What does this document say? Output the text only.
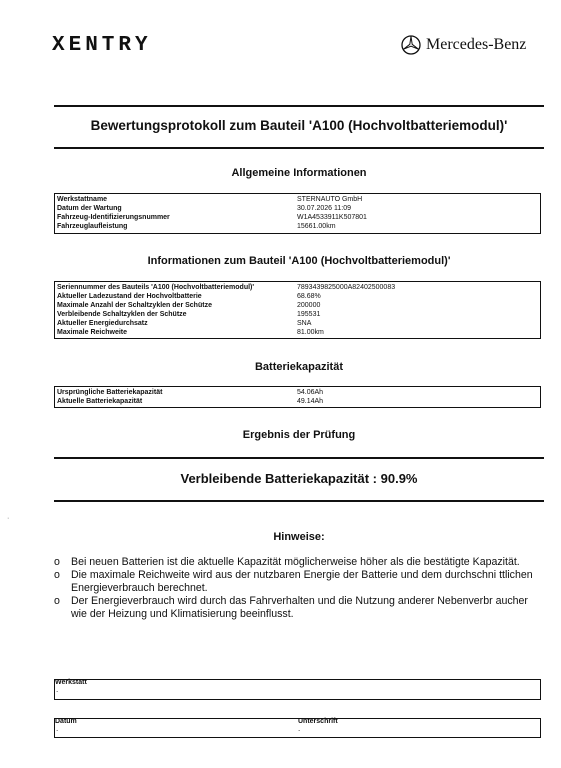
XENTRY	Mercedes-Benz
Bewertungsprotokoll zum Bauteil 'A100 (Hochvoltbatteriemodul)'
Allgemeine Informationen
Werkstattname	STERNAUTO GmbH
Datum der Wartung	30.07.2026 11:09
Fahrzeug-Identifizierungsnummer	W1A4533911K507801
Fahrzeuglaufleistung	15661.00km
Informationen zum Bauteil 'A100 (Hochvoltbatteriemodul)'
Seriennummer des Bauteils 'A100 (Hochvoltbatteriemodul)'	7893439825000A82402500083
Aktueller Ladezustand der Hochvoltbatterie	68.68%
Maximale Anzahl der Schaltzyklen der Schütze	200000
Verbleibende Schaltzyklen der Schütze	195531
Aktueller Energiedurchsatz	SNA
Maximale Reichweite	81.00km
Batteriekapazität
Ursprüngliche Batteriekapazität	54.06Ah
Aktuelle Batteriekapazität	49.14Ah
Ergebnis der Prüfung
Verbleibende Batteriekapazität : 90.9%
·
Hinweise:
o	Bei neuen Batterien ist die aktuelle Kapazität möglicherweise höher als die bestätigte Kapazität.
o	Die maximale Reichweite wird aus der nutzbaren Energie der Batterie und dem durchschni ttlichen Energieverbrauch berechnet.
o	Der Energieverbrauch wird durch das Fahrverhalten und die Nutzung anderer Nebenverbr aucher wie der Heizung und Klimatisierung beeinflusst.
Werkstatt
.
Datum
.
Unterschrift
.
